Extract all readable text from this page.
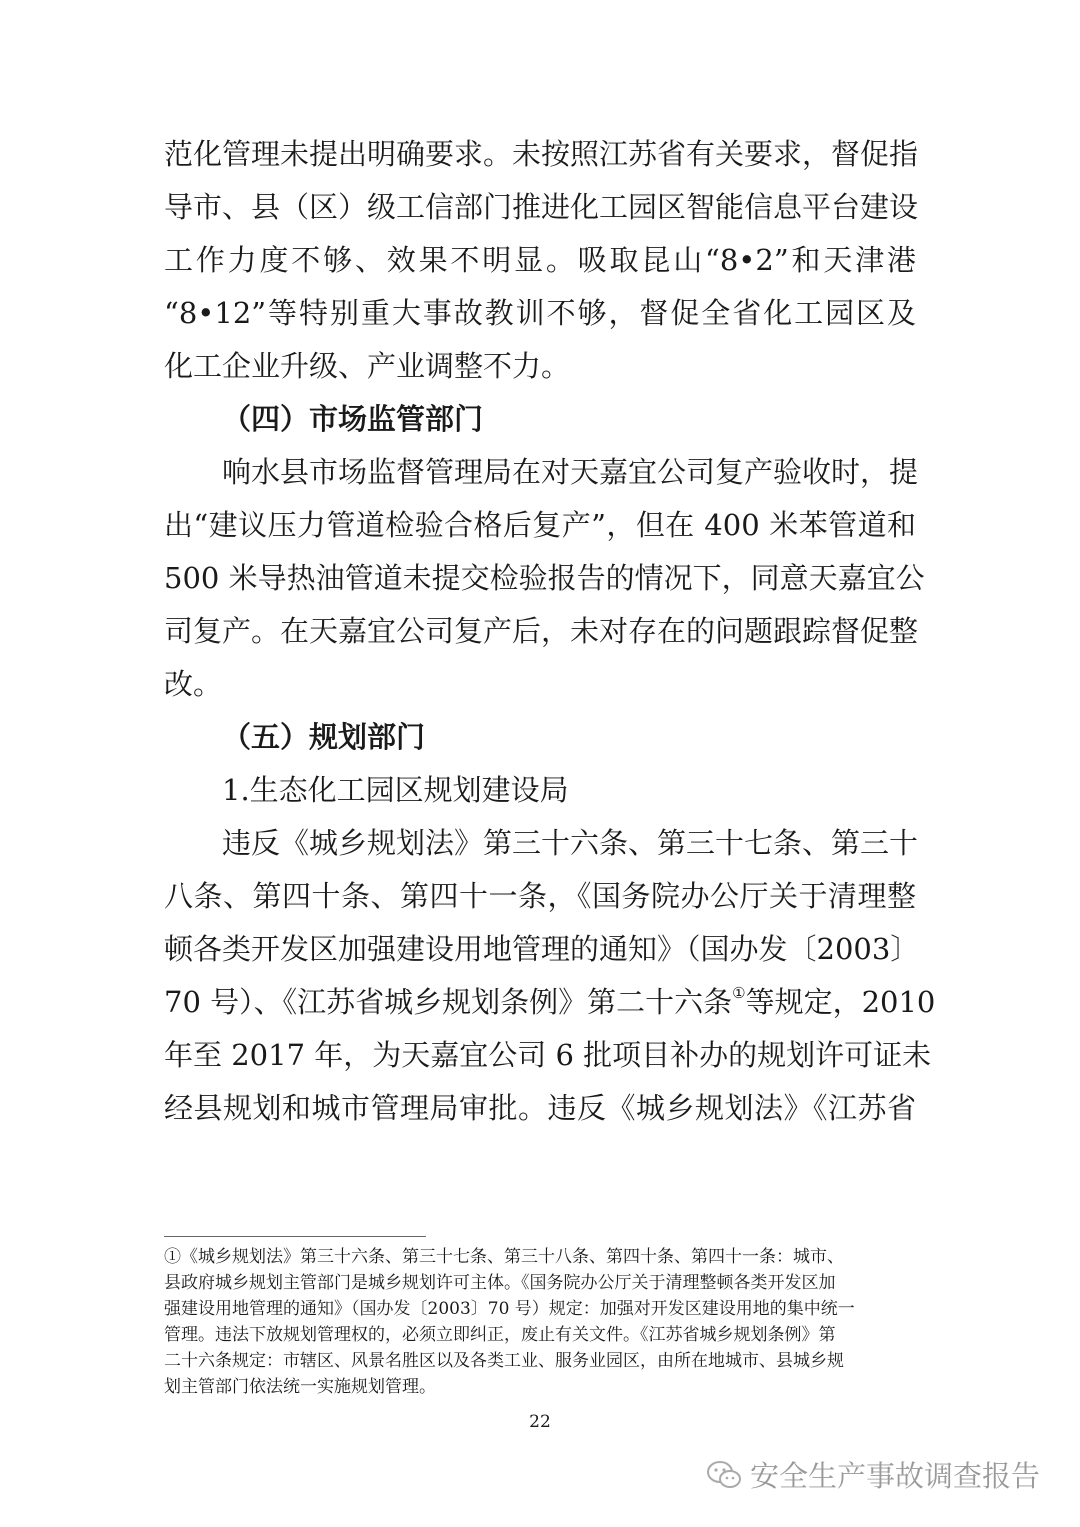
范化管理未提出明确要求。未按照江苏省有关要求，督促指
导市、县（区）级工信部门推进化工园区智能信息平台建设
工作力度不够、效果不明显。吸取昆山“8•2”和天津港
“8•12”等特别重大事故教训不够，督促全省化工园区及
化工企业升级、产业调整不力。
（四）市场监管部门
响水县市场监督管理局在对天嘉宜公司复产验收时，提
出“建议压力管道检验合格后复产”，但在 400 米苯管道和
500 米导热油管道未提交检验报告的情况下，同意天嘉宜公
司复产。在天嘉宜公司复产后，未对存在的问题跟踪督促整
改。
（五）规划部门
1.生态化工园区规划建设局
违反《城乡规划法》第三十六条、第三十七条、第三十
八条、第四十条、第四十一条，《国务院办公厅关于清理整
顿各类开发区加强建设用地管理的通知》（国办发〔2003〕
70 号）、《江苏省城乡规划条例》第二十六条①等规定，2010
年至 2017 年，为天嘉宜公司 6 批项目补办的规划许可证未
经县规划和城市管理局审批。违反《城乡规划法》《江苏省
①《城乡规划法》第三十六条、第三十七条、第三十八条、第四十条、第四十一条：城市、
县政府城乡规划主管部门是城乡规划许可主体。《国务院办公厅关于清理整顿各类开发区加
强建设用地管理的通知》（国办发〔2003〕70 号）规定：加强对开发区建设用地的集中统一
管理。违法下放规划管理权的，必须立即纠正，废止有关文件。《江苏省城乡规划条例》第
二十六条规定：市辖区、风景名胜区以及各类工业、服务业园区，由所在地城市、县城乡规
划主管部门依法统一实施规划管理。
22
安全生产事故调查报告
